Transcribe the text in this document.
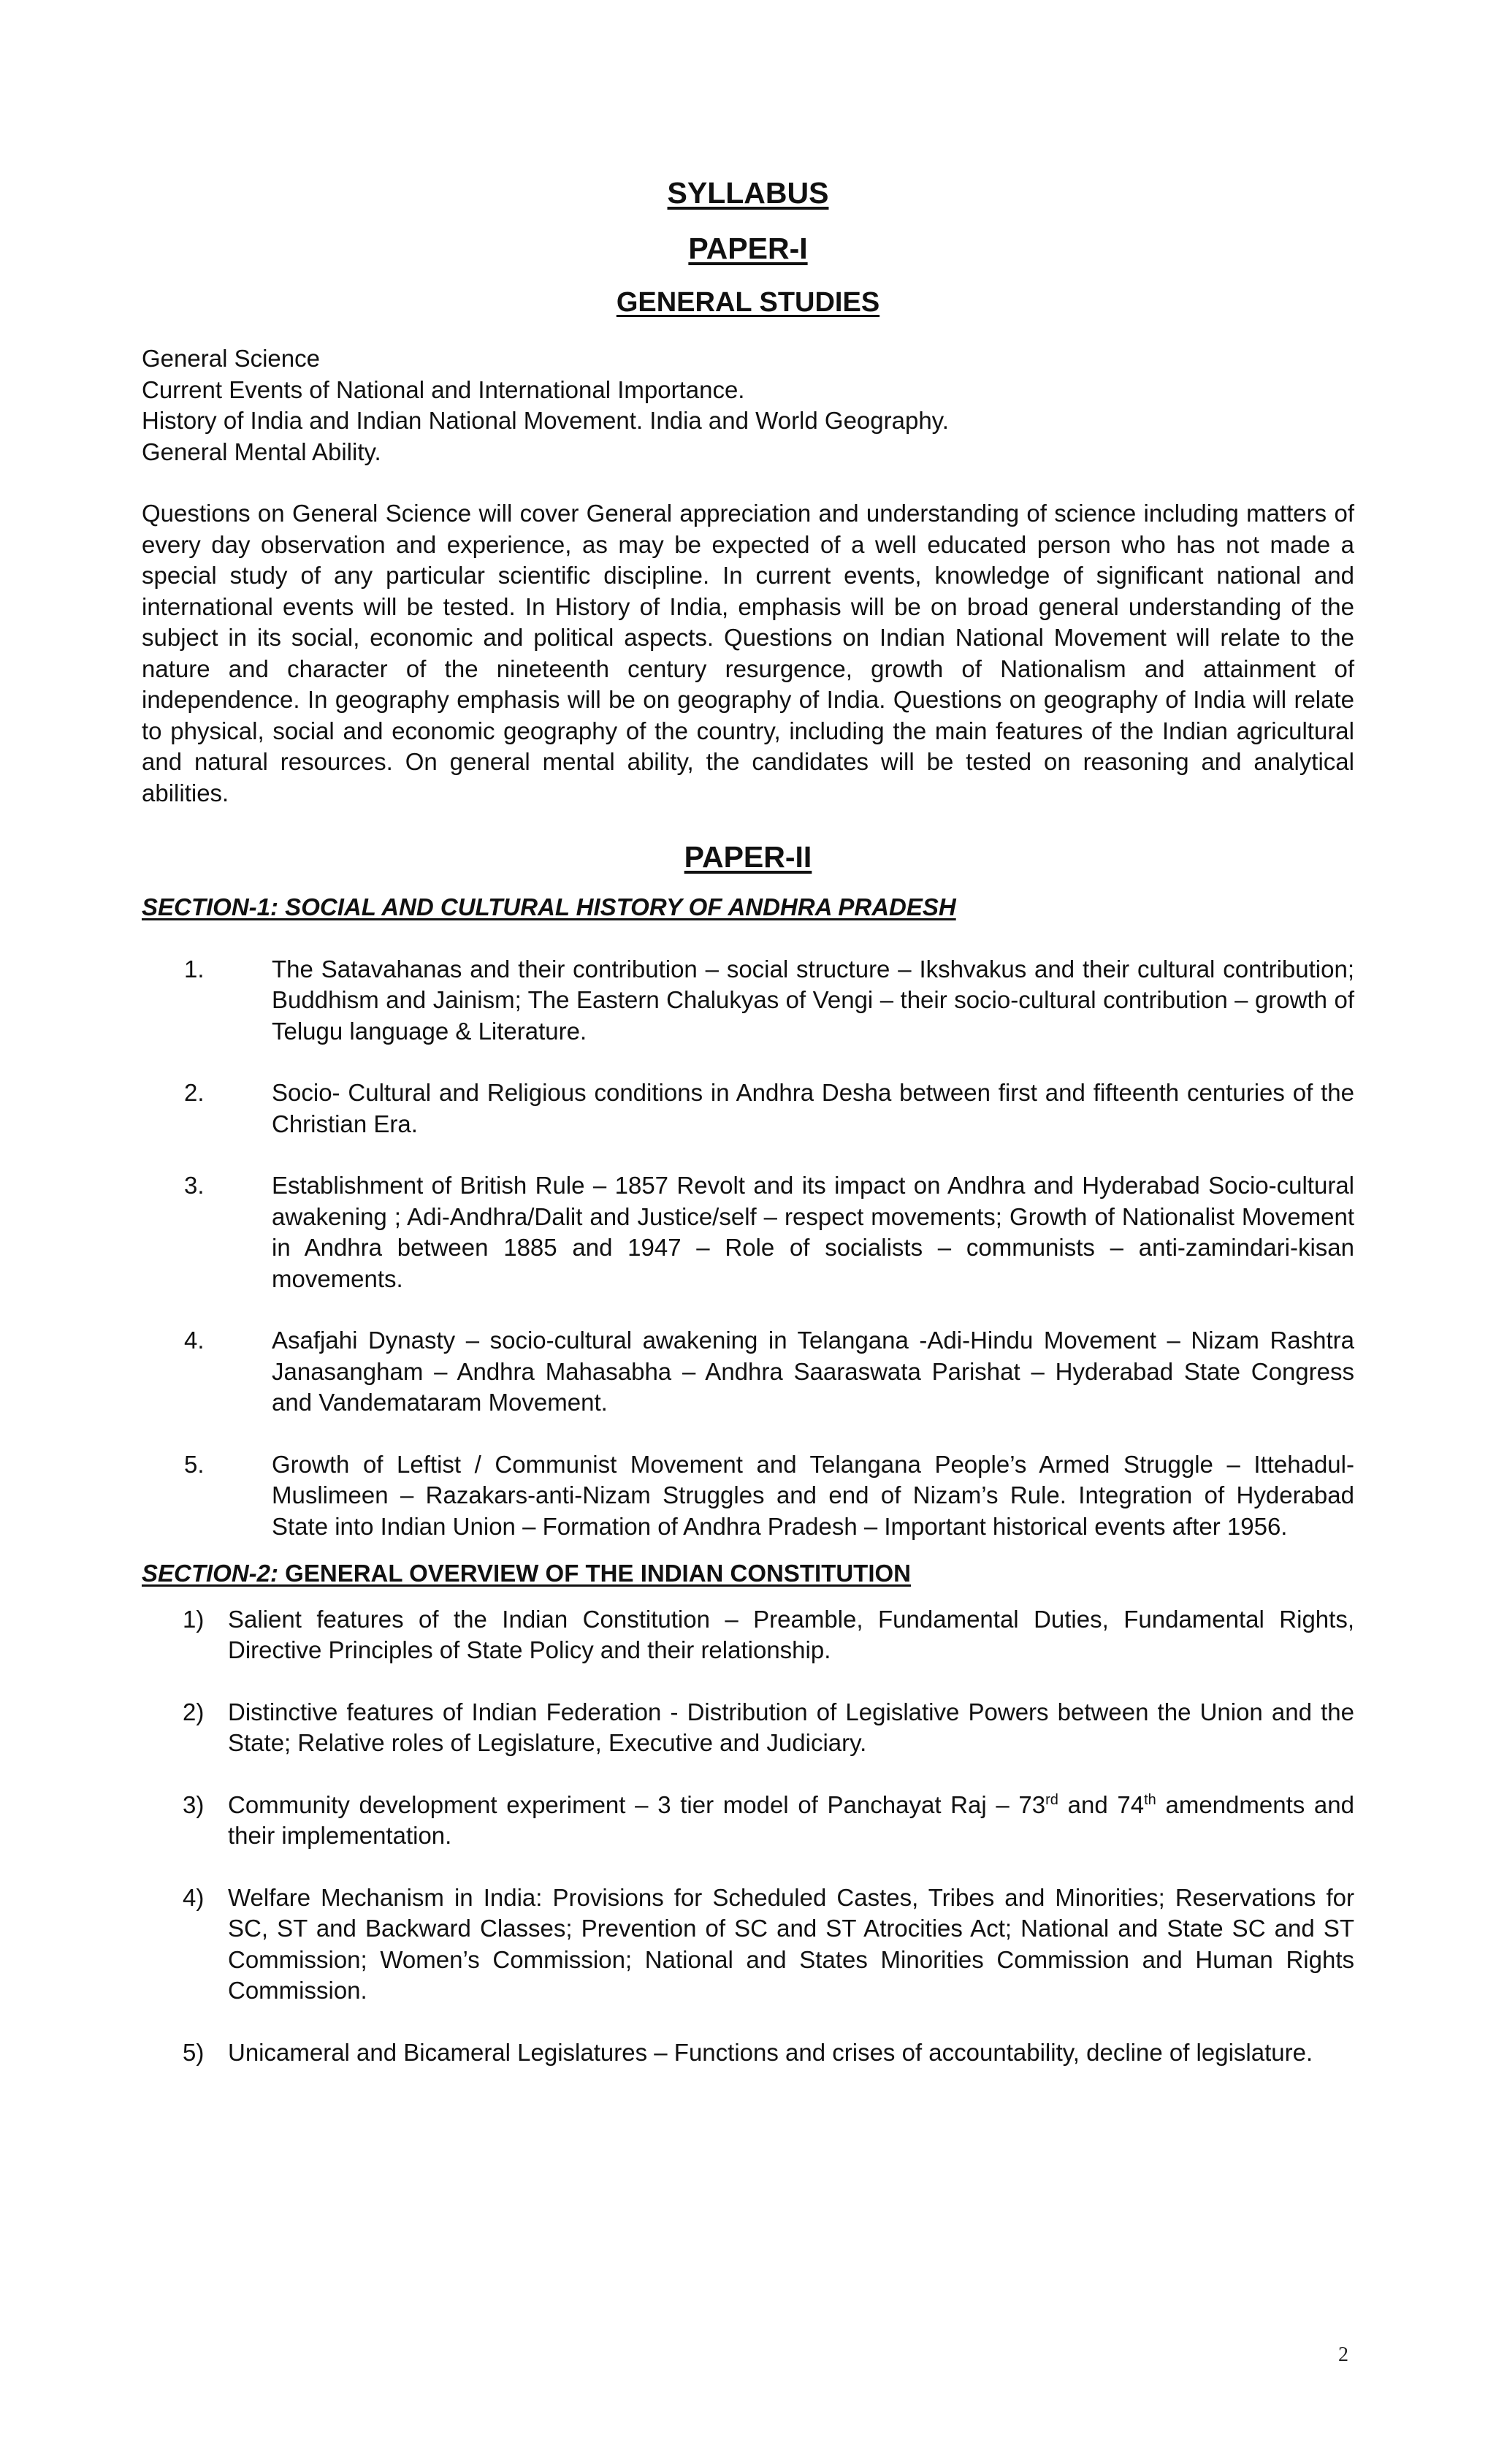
SYLLABUS
PAPER-I
GENERAL STUDIES
General Science
Current Events of National and International Importance.
History of India and Indian National Movement. India and World Geography.
General Mental Ability.

Questions on General Science will cover General appreciation and understanding of science including matters of every day observation and experience, as may be expected of a well educated person who has not made a special study of any particular scientific discipline. In current events, knowledge of significant national and international events will be tested. In History of India, emphasis will be on broad general understanding of the subject in its social, economic and political aspects. Questions on Indian National Movement will relate to the nature and character of the nineteenth century resurgence, growth of Nationalism and attainment of independence. In geography emphasis will be on geography of India. Questions on geography of India will relate to physical, social and economic geography of the country, including the main features of the Indian agricultural and natural resources. On general mental ability, the candidates will be tested on reasoning and analytical abilities.

PAPER-II
SECTION-1: SOCIAL AND CULTURAL HISTORY OF ANDHRA PRADESH
1.	The Satavahanas and their contribution – social structure – Ikshvakus and their cultural contribution; Buddhism and Jainism; The Eastern Chalukyas of Vengi – their socio-cultural contribution – growth of Telugu language & Literature.
2.	Socio- Cultural and Religious conditions in Andhra Desha between first and fifteenth centuries of the Christian Era.
3.	Establishment of British Rule – 1857 Revolt and its impact on Andhra and Hyderabad Socio-cultural awakening ; Adi-Andhra/Dalit and Justice/self – respect movements; Growth of Nationalist Movement in Andhra between 1885 and 1947 – Role of socialists – communists – anti-zamindari-kisan movements.
4.	Asafjahi Dynasty – socio-cultural awakening in Telangana -Adi-Hindu Movement – Nizam Rashtra Janasangham – Andhra Mahasabha – Andhra Saaraswata Parishat – Hyderabad State Congress and Vandemataram Movement.
5.	Growth of Leftist / Communist Movement and Telangana People’s Armed Struggle – Ittehadul-Muslimeen – Razakars-anti-Nizam Struggles and end of Nizam’s Rule. Integration of Hyderabad State into Indian Union – Formation of Andhra Pradesh – Important historical events after 1956.
SECTION-2: GENERAL OVERVIEW OF THE INDIAN CONSTITUTION
1) Salient features of the Indian Constitution – Preamble, Fundamental Duties, Fundamental Rights, Directive Principles of State Policy and their relationship.
2) Distinctive features of Indian Federation - Distribution of Legislative Powers between the Union and the State; Relative roles of Legislature, Executive and Judiciary.
3) Community development experiment – 3 tier model of Panchayat Raj – 73rd and 74th amendments and their implementation.
4) Welfare Mechanism in India: Provisions for Scheduled Castes, Tribes and Minorities; Reservations for SC, ST and Backward Classes; Prevention of SC and ST Atrocities Act; National and State SC and ST Commission; Women’s Commission; National and States Minorities Commission and Human Rights Commission.
5) Unicameral and Bicameral Legislatures – Functions and crises of accountability, decline of legislature.
2
